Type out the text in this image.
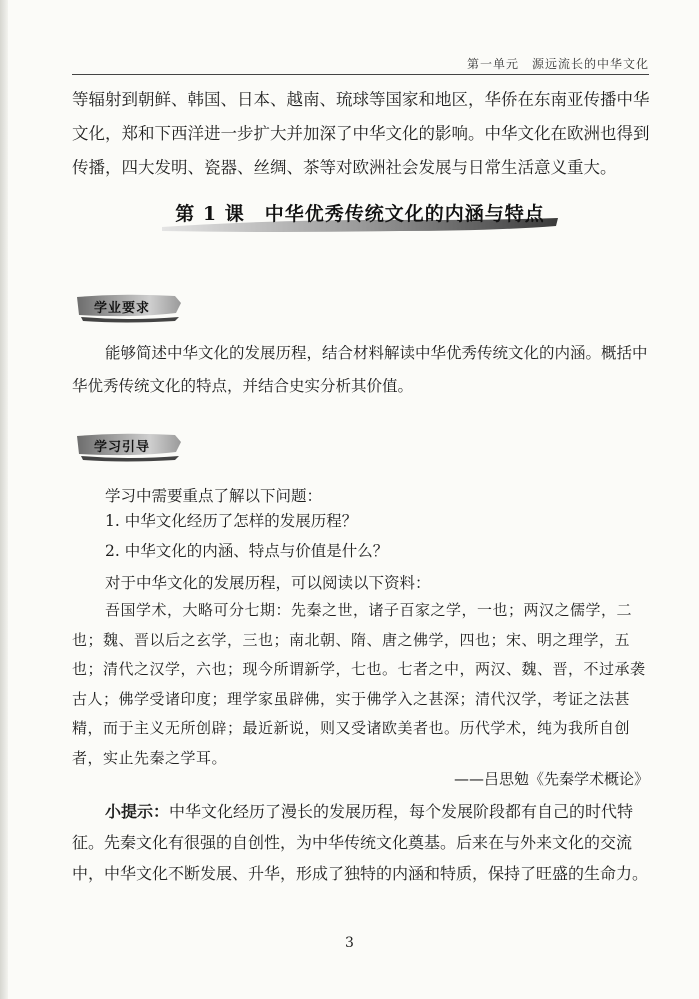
第一单元　源远流长的中华文化

等辐射到朝鲜、韩国、日本、越南、琉球等国家和地区，华侨在东南亚传播中华
文化，郑和下西洋进一步扩大并加深了中华文化的影响。中华文化在欧洲也得到
传播，四大发明、瓷器、丝绸、茶等对欧洲社会发展与日常生活意义重大。

第 1 课　中华优秀传统文化的内涵与特点
学业要求

能够简述中华文化的发展历程，结合材料解读中华优秀传统文化的内涵。概括中华优秀传统文化的特点，并结合史实分析其价值。

学习引导

学习中需要重点了解以下问题：

1. 中华文化经历了怎样的发展历程？
2. 中华文化的内涵、特点与价值是什么？

对于中华文化的发展历程，可以阅读以下资料：

吾国学术，大略可分七期：先秦之世，诸子百家之学，一也；两汉之儒学，二也；魏、晋以后之玄学，三也；南北朝、隋、唐之佛学，四也；宋、明之理学，五也；清代之汉学，六也；现今所谓新学，七也。七者之中，两汉、魏、晋，不过承袭古人；佛学受诸印度；理学家虽辟佛，实于佛学入之甚深；清代汉学，考证之法甚精，而于主义无所创辟；最近新说，则又受诸欧美者也。历代学术，纯为我所自创者，实止先秦之学耳。

——吕思勉《先秦学术概论》

小提示：中华文化经历了漫长的发展历程，每个发展阶段都有自己的时代特征。先秦文化有很强的自创性，为中华传统文化奠基。后来在与外来文化的交流中，中华文化不断发展、升华，形成了独特的内涵和特质，保持了旺盛的生命力。

3
